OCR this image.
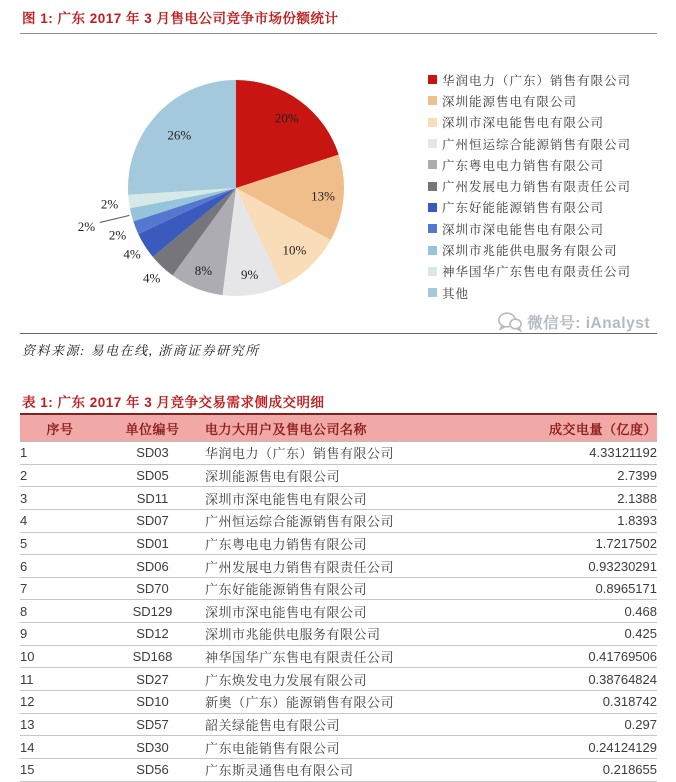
图 1: 广东 2017 年 3 月售电公司竞争市场份额统计
20%
13%
10%
9%
8%
4%
4%
2%
2%
2%
26%
华润电力（广东）销售有限公司
深圳能源售电有限公司
深圳市深电能售电有限公司
广州恒运综合能源销售有限公司
广东粤电电力销售有限公司
广州发展电力销售有限责任公司
广东好能能源销售有限公司
深圳市深电能售电有限公司
深圳市兆能供电服务有限公司
神华国华广东售电有限责任公司
其他
微信号: iAnalyst
资料来源: 易电在线, 浙商证券研究所
表 1: 广东 2017 年 3 月竞争交易需求侧成交明细
序号	单位编号	电力大用户及售电公司名称	成交电量（亿度）
1	SD03	华润电力（广东）销售有限公司	4.33121192
2	SD05	深圳能源售电有限公司	2.7399
3	SD11	深圳市深电能售电有限公司	2.1388
4	SD07	广州恒运综合能源销售有限公司	1.8393
5	SD01	广东粤电电力销售有限公司	1.7217502
6	SD06	广州发展电力销售有限责任公司	0.93230291
7	SD70	广东好能能源销售有限公司	0.8965171
8	SD129	深圳市深电能售电有限公司	0.468
9	SD12	深圳市兆能供电服务有限公司	0.425
10	SD168	神华国华广东售电有限责任公司	0.41769506
11	SD27	广东焕发电力发展有限公司	0.38764824
12	SD10	新奥（广东）能源销售有限公司	0.318742
13	SD57	韶关绿能售电有限公司	0.297
14	SD30	广东电能销售有限公司	0.24124129
15	SD56	广东斯灵通售电有限公司	0.218655
